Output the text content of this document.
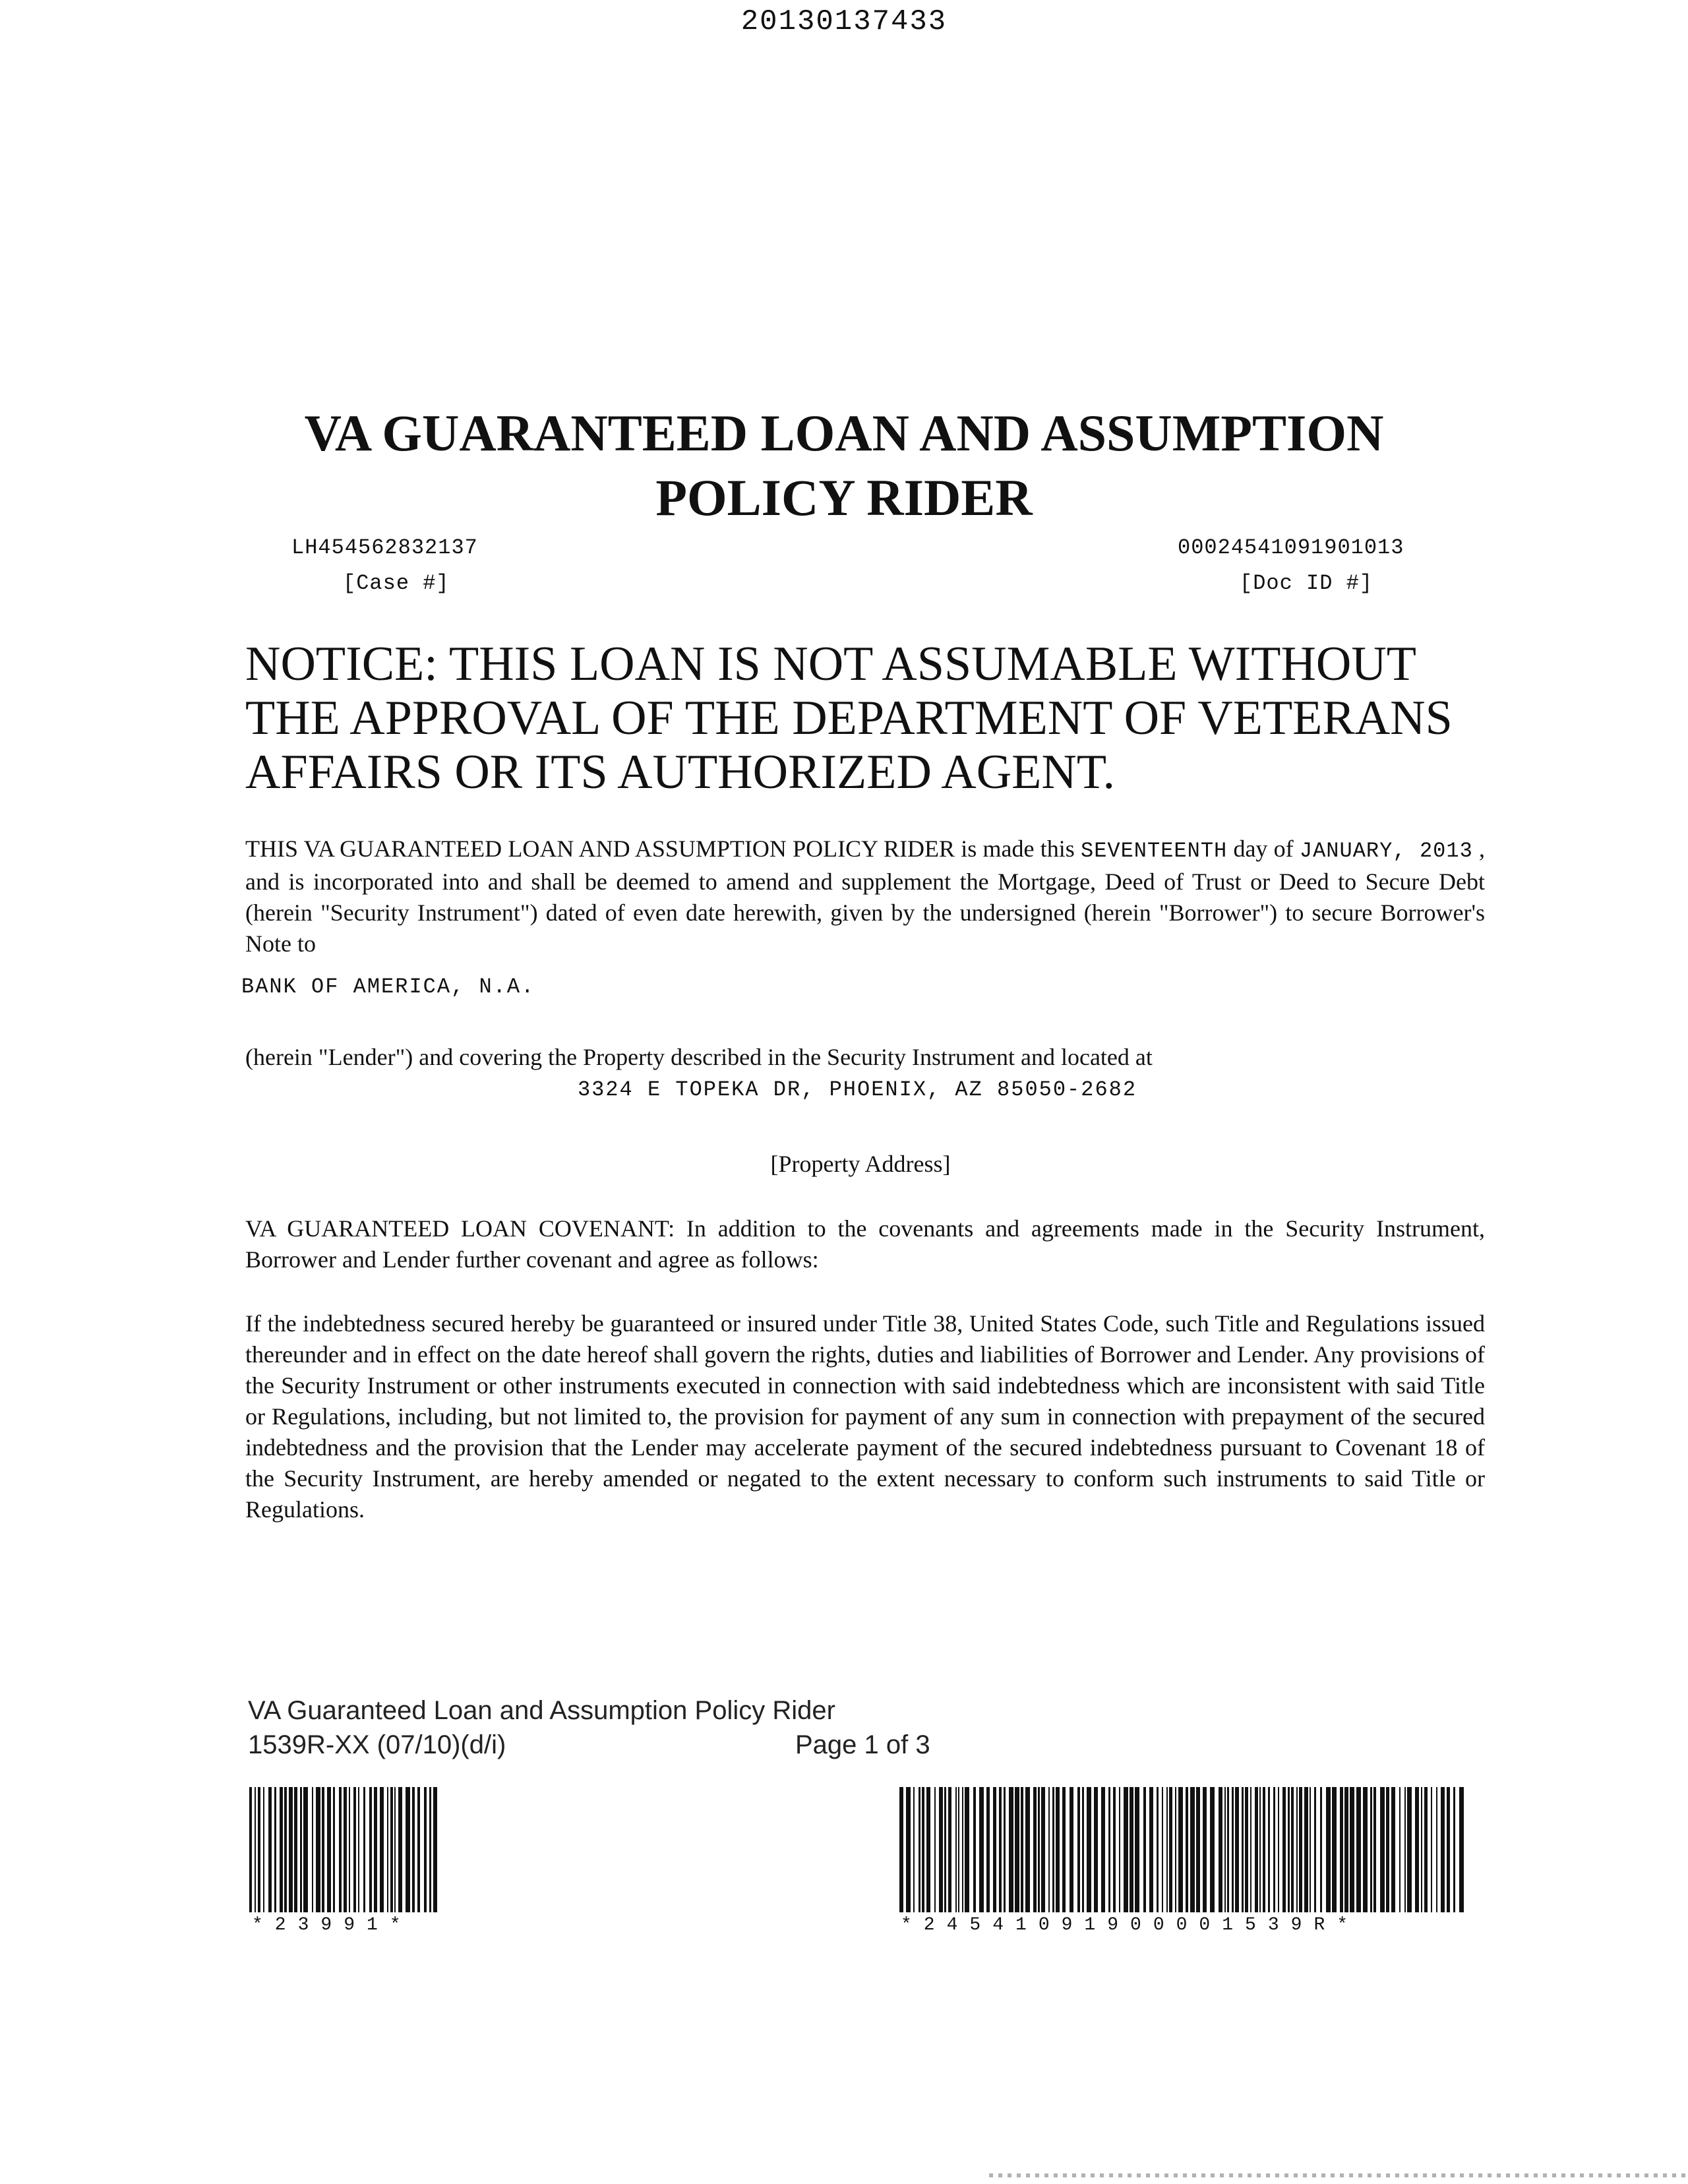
20130137433
VA GUARANTEED LOAN AND ASSUMPTION
POLICY RIDER
LH454562832137
[Case #]
00024541091901013
[Doc ID #]
NOTICE: THIS LOAN IS NOT ASSUMABLE WITHOUT
THE APPROVAL OF THE DEPARTMENT OF VETERANS
AFFAIRS OR ITS AUTHORIZED AGENT.
THIS VA GUARANTEED LOAN AND ASSUMPTION POLICY RIDER is made this SEVENTEENTH day of JANUARY, 2013 , and is incorporated into and shall be deemed to amend and supplement the Mortgage, Deed of Trust or Deed to Secure Debt (herein "Security Instrument") dated of even date herewith, given by the undersigned (herein "Borrower") to secure Borrower's Note to
BANK OF AMERICA, N.A.
(herein "Lender") and covering the Property described in the Security Instrument and located at
3324 E TOPEKA DR, PHOENIX, AZ 85050-2682
[Property Address]
VA GUARANTEED LOAN COVENANT: In addition to the covenants and agreements made in the Security Instrument, Borrower and Lender further covenant and agree as follows:
If the indebtedness secured hereby be guaranteed or insured under Title 38, United States Code, such Title and Regulations issued thereunder and in effect on the date hereof shall govern the rights, duties and liabilities of Borrower and Lender. Any provisions of the Security Instrument or other instruments executed in connection with said indebtedness which are inconsistent with said Title or Regulations, including, but not limited to, the provision for payment of any sum in connection with prepayment of the secured indebtedness and the provision that the Lender may accelerate payment of the secured indebtedness pursuant to Covenant 18 of the Security Instrument, are hereby amended or negated to the extent necessary to conform such instruments to said Title or Regulations.
VA Guaranteed Loan and Assumption Policy Rider
1539R-XX (07/10)(d/i)	Page 1 of 3
*23991*	*24541091900001539R*
